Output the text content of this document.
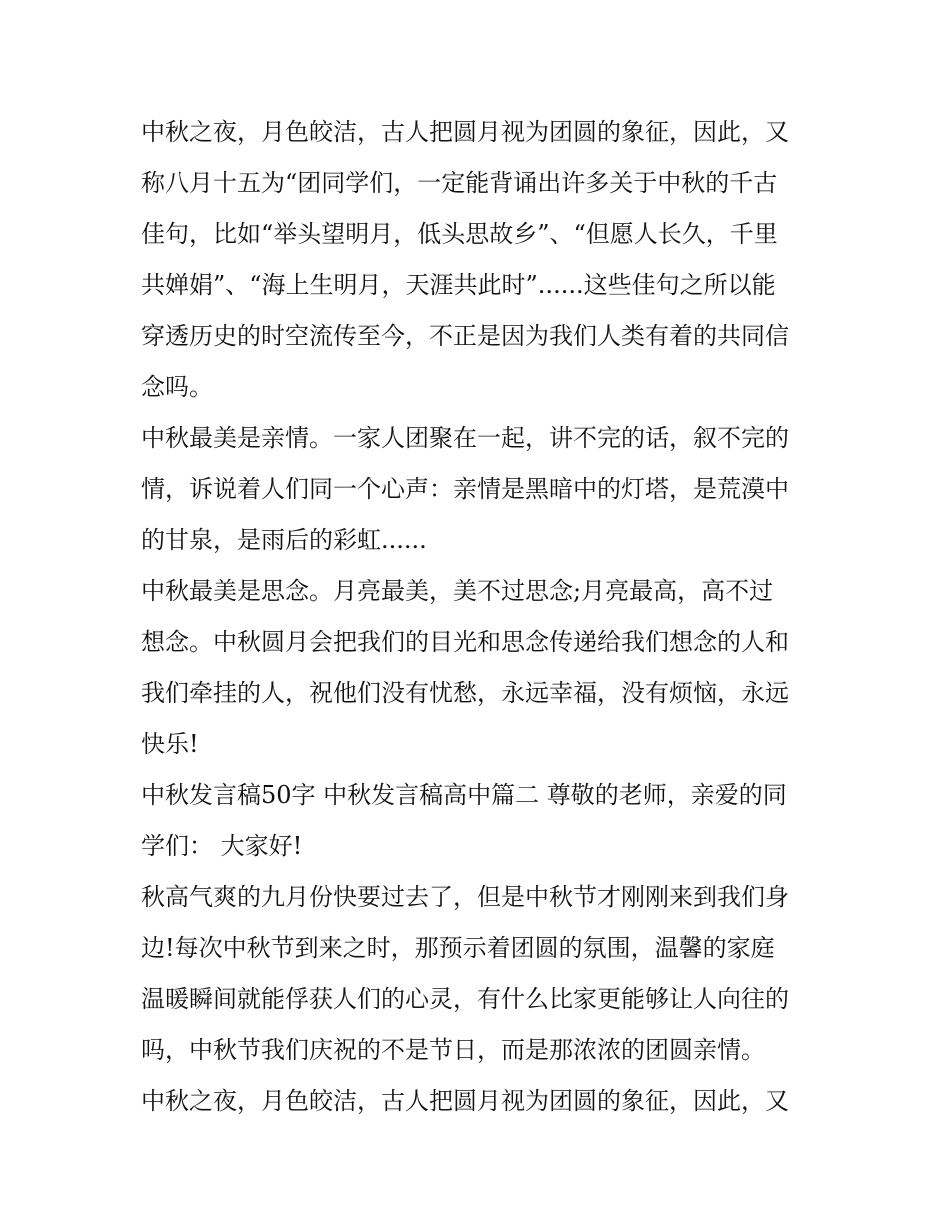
中秋之夜，月色皎洁，古人把圆月视为团圆的象征，因此，又
称八月十五为“团同学们，一定能背诵出许多关于中秋的千古
佳句，比如“举头望明月，低头思故乡”、“但愿人长久，千里
共婵娟”、“海上生明月，天涯共此时”......这些佳句之所以能
穿透历史的时空流传至今，不正是因为我们人类有着的共同信
念吗。

中秋最美是亲情。一家人团聚在一起，讲不完的话，叙不完的
情，诉说着人们同一个心声：亲情是黑暗中的灯塔，是荒漠中
的甘泉，是雨后的彩虹......

中秋最美是思念。月亮最美，美不过思念;月亮最高，高不过
想念。中秋圆月会把我们的目光和思念传递给我们想念的人和
我们牵挂的人，祝他们没有忧愁，永远幸福，没有烦恼，永远
快乐!

中秋发言稿50字 中秋发言稿高中篇二 尊敬的老师，亲爱的同
学们： 大家好!

秋高气爽的九月份快要过去了，但是中秋节才刚刚来到我们身
边!每次中秋节到来之时，那预示着团圆的氛围，温馨的家庭
温暖瞬间就能俘获人们的心灵，有什么比家更能够让人向往的
吗，中秋节我们庆祝的不是节日，而是那浓浓的团圆亲情。

中秋之夜，月色皎洁，古人把圆月视为团圆的象征，因此，又
